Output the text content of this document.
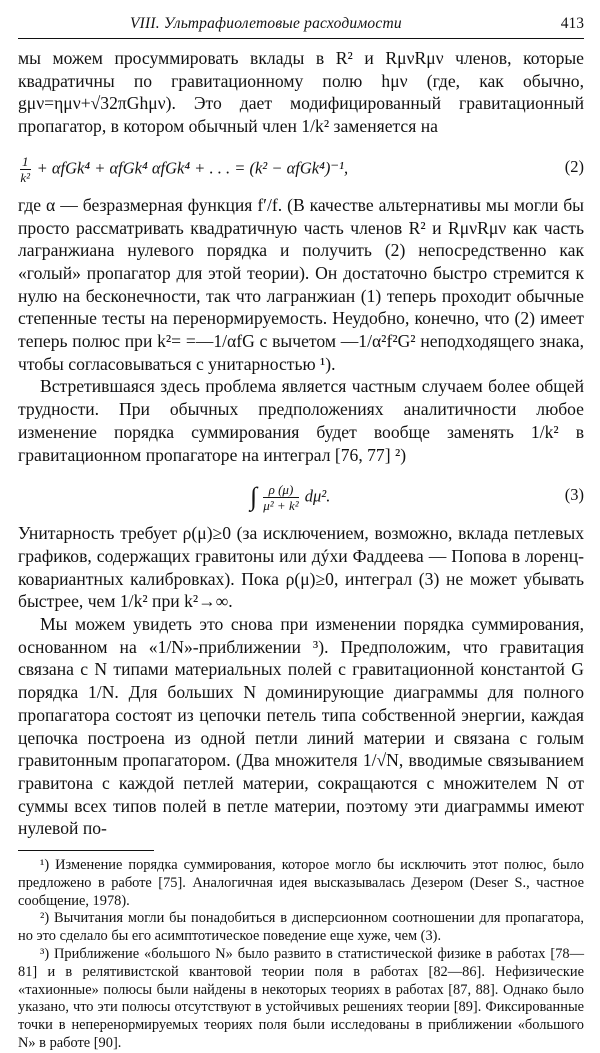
VIII. Ультрафиолетовые расходимости	413

мы можем просуммировать вклады в R² и RμνRμν членов, которые квадратичны по гравитационному полю hμν (где, как обычно, gμν=ημν+√32πGhμν). Это дает модифицированный гравитационный пропагатор, в котором обычный член 1/k² заменяется на

$\frac{1}{\text{k²}} + \alpha fGk^4 + \alpha fGk^4$ αfGk⁴ + . . . = (k² − αfGk⁴)⁻¹,	(2)

где α — безразмерная функция f′/f. (В качестве альтернативы мы могли бы просто рассматривать квадратичную часть членов R² и RμνRμν как часть лагранжиана нулевого порядка и получить (2) непосредственно как «голый» пропагатор для этой теории). Он достаточно быстро стремится к нулю на бесконечности, так что лагранжиан (1) теперь проходит обычные степенные тесты на перенормируемость. Неудобно, конечно, что (2) имеет теперь полюс при k²= =—1/αfG с вычетом —1/α²f²G² неподходящего знака, чтобы согласовываться с унитарностью ¹).

Встретившаяся здесь проблема является частным случаем более общей трудности. При обычных предположениях аналитичности любое изменение порядка суммирования будет вообще заменять 1/k² в гравитационном пропагаторе на интеграл [76, 77] ²)

∫ $\frac{\rho (\mu)}{\text{μ² + k²}} d\mu^2$.	(3)

Унитарность требует ρ(μ)≥0 (за исключением, возможно, вклада петлевых графиков, содержащих гравитоны или дýхи Фаддеева — Попова в лоренц-ковариантных калибровках). Пока ρ(μ)≥0, интеграл (3) не может убывать быстрее, чем 1/k² при k²→∞.

Мы можем увидеть это снова при изменении порядка суммирования, основанном на «1/N»-приближении ³). Предположим, что гравитация связана с N типами материальных полей с гравитационной константой G порядка 1/N. Для больших N доминирующие диаграммы для полного пропагатора состоят из цепочки петель типа собственной энергии, каждая цепочка построена из одной петли линий материи и связана с голым гравитонным пропагатором. (Два множителя 1/√N, вводимые связыванием гравитона с каждой петлей материи, сокращаются с множителем N от суммы всех типов полей в петле материи, поэтому эти диаграммы имеют нулевой по-

¹) Изменение порядка суммирования, которое могло бы исключить этот полюс, было предложено в работе [75]. Аналогичная идея высказывалась Дезером (Deser S., частное сообщение, 1978).

²) Вычитания могли бы понадобиться в дисперсионном соотношении для пропагатора, но это сделало бы его асимптотическое поведение еще хуже, чем (3).

³) Приближение «большого N» было развито в статистической физике в работах [78—81] и в релятивистской квантовой теории поля в работах [82—86]. Нефизические «тахионные» полюсы были найдены в некоторых теориях в работах [87, 88]. Однако было указано, что эти полюсы отсутствуют в устойчивых решениях теории [89]. Фиксированные точки в неперенормируемых теориях поля были исследованы в приближении «большого N» в работе [90].
